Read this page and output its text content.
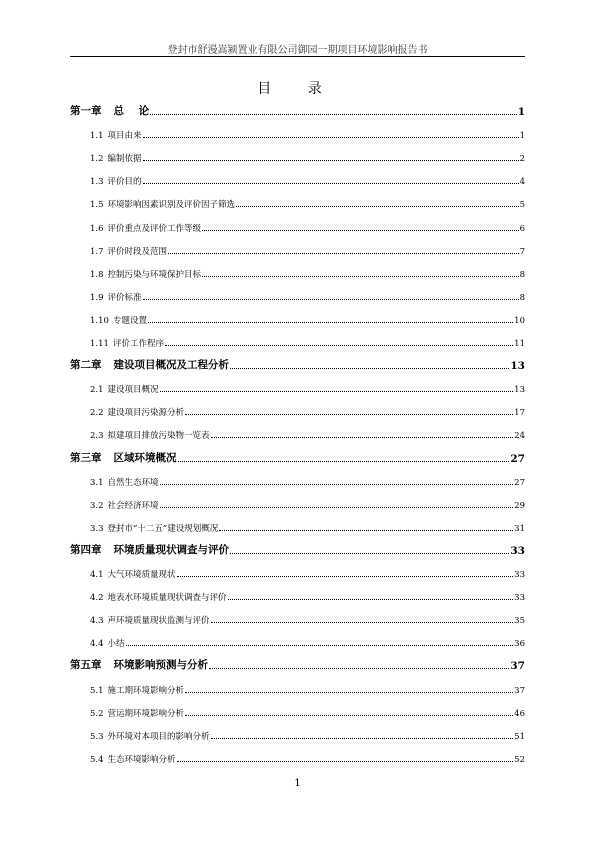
登封市舒漫嵩颍置业有限公司御园一期项目环境影响报告书
目 录
第一章 总    论	1
1.1 项目由来	1
1.2 编制依据	2
1.3 评价目的	4
1.5 环境影响因素识别及评价因子筛选	5
1.6 评价重点及评价工作等级	6
1.7 评价时段及范围	7
1.8 控制污染与环境保护目标	8
1.9 评价标准	8
1.10 专题设置	10
1.11 评价工作程序	11
第二章 建设项目概况及工程分析	13
2.1 建设项目概况	13
2.2 建设项目污染源分析	17
2.3 拟建项目排放污染物一览表	24
第三章 区域环境概况	27
3.1 自然生态环境	27
3.2 社会经济环境	29
3.3 登封市“十二五”建设规划概况	31
第四章 环境质量现状调查与评价	33
4.1 大气环境质量现状	33
4.2 地表水环境质量现状调查与评价	33
4.3 声环境质量现状监测与评价	35
4.4 小结	36
第五章 环境影响预测与分析	37
5.1 施工期环境影响分析	37
5.2 营运期环境影响分析	46
5.3 外环境对本项目的影响分析	51
5.4 生态环境影响分析	52
1
